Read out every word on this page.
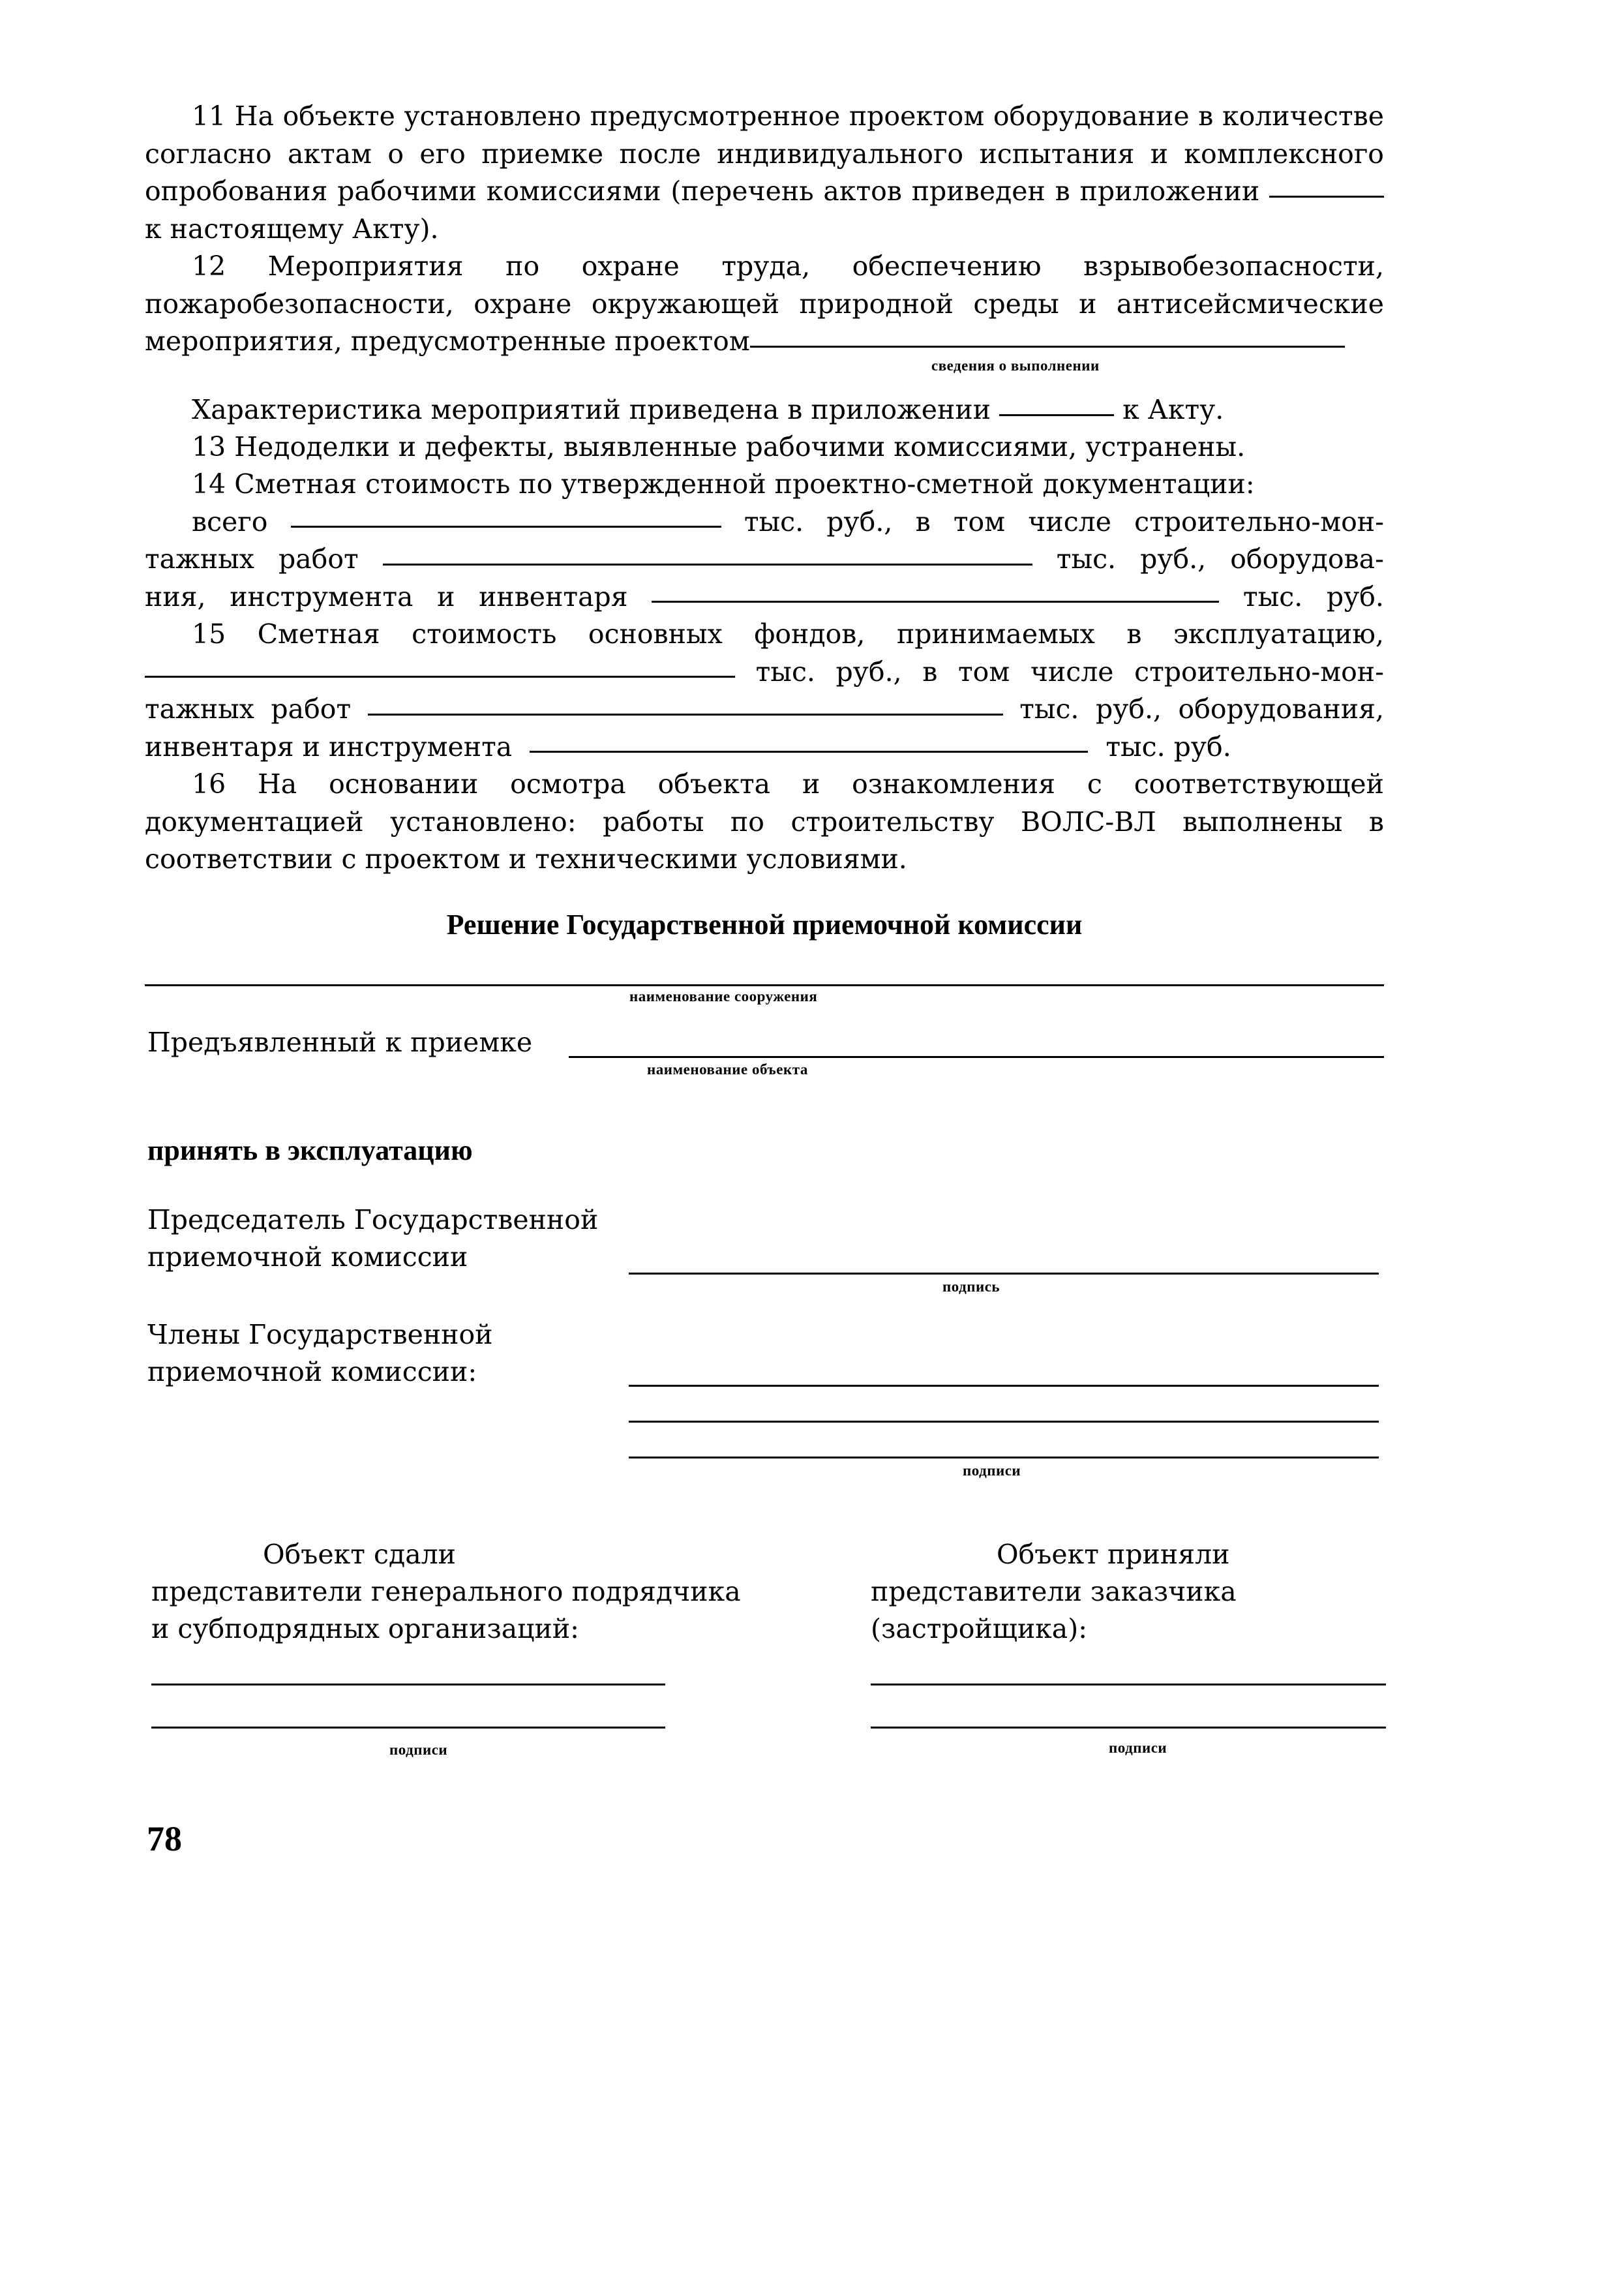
11 На объекте установлено предусмотренное проектом оборудование в количестве согласно актам о его приемке после индивидуального испытания и комплексного опробования рабочими комиссиями (перечень актов приведен в приложении  к настоящему Акту).

12 Мероприятия по охране труда, обеспечению взрывобезопасности, пожаробезопасности, охране окружающей природной среды и антисейсмические мероприятия, предусмотренные проектом

сведения о выполнении

Характеристика мероприятий приведена в приложении	к Акту.

13 Недоделки и дефекты, выявленные рабочими комиссиями, устранены.

14 Сметная стоимость по утвержденной проектно-сметной документации:

всего	тыс. руб., в том числе строительно-мон-

тажных работ	тыс. руб., оборудова-

ния, инструмента и инвентаря	тыс. руб.

15 Сметная стоимость основных фондов, принимаемых в эксплуатацию,

тыс. руб., в том числе строительно-мон-

тажных работ	тыс. руб., оборудования,

инвентаря и инструмента	тыс. руб.

16 На основании осмотра объекта и ознакомления с соответствующей документацией установлено: работы по строительству ВОЛС-ВЛ выполнены в соответствии с проектом и техническими условиями.

Решение Государственной приемочной комиссии
наименование сооружения
Предъявленный к приемке
наименование объекта
принять в эксплуатацию
Председатель Государственной
приемочной комиссии
подпись
Члены Государственной
приемочной комиссии:
подписи
Объект сдали
представители генерального подрядчика
и субподрядных организаций:
подписи
Объект приняли
представители заказчика
(застройщика):
подписи
78
